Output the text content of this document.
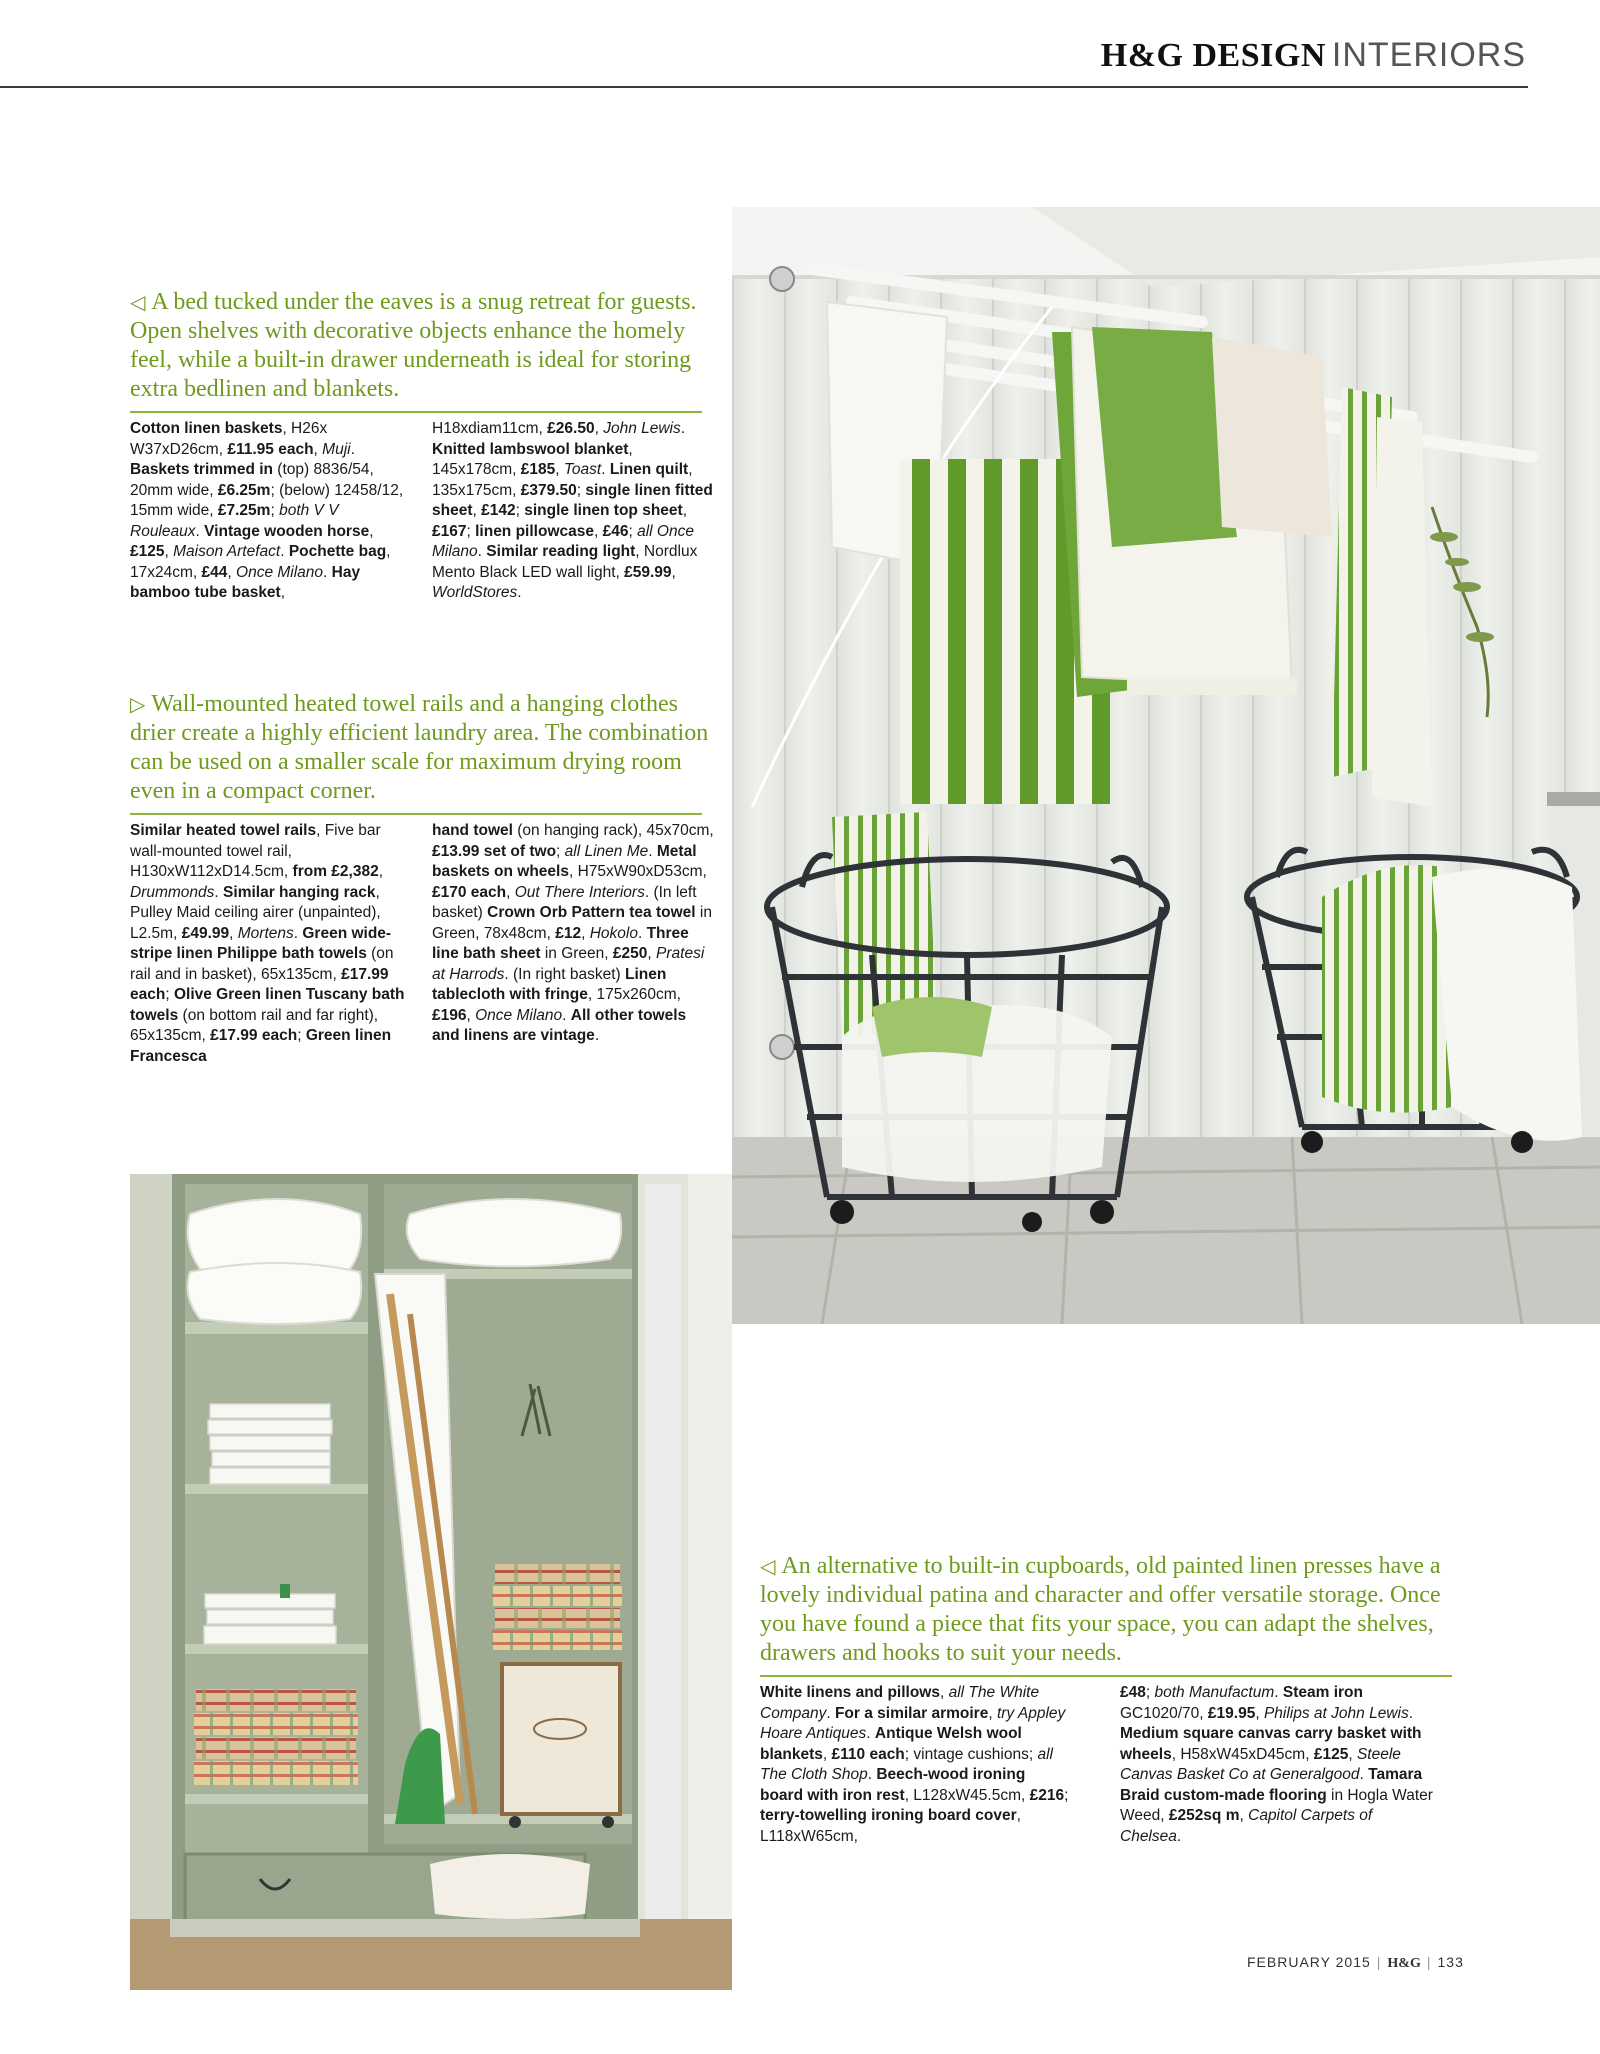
H&G DESIGN INTERIORS
◁ A bed tucked under the eaves is a snug retreat for guests. Open shelves with decorative objects enhance the homely feel, while a built-in drawer underneath is ideal for storing extra bedlinen and blankets.
Cotton linen baskets, H26x W37xD26cm, £11.95 each, Muji. Baskets trimmed in (top) 8836/54, 20mm wide, £6.25m; (below) 12458/12, 15mm wide, £7.25m; both V V Rouleaux. Vintage wooden horse, £125, Maison Artefact. Pochette bag, 17x24cm, £44, Once Milano. Hay bamboo tube basket,
H18xdiam11cm, £26.50, John Lewis. Knitted lambswool blanket, 145x178cm, £185, Toast. Linen quilt, 135x175cm, £379.50; single linen fitted sheet, £142; single linen top sheet, £167; linen pillowcase, £46; all Once Milano. Similar reading light, Nordlux Mento Black LED wall light, £59.99, WorldStores.
▷ Wall-mounted heated towel rails and a hanging clothes drier create a highly efficient laundry area. The combination can be used on a smaller scale for maximum drying room even in a compact corner.
Similar heated towel rails, Five bar wall-mounted towel rail, H130xW112xD14.5cm, from £2,382, Drummonds. Similar hanging rack, Pulley Maid ceiling airer (unpainted), L2.5m, £49.99, Mortens. Green wide-stripe linen Philippe bath towels (on rail and in basket), 65x135cm, £17.99 each; Olive Green linen Tuscany bath towels (on bottom rail and far right), 65x135cm, £17.99 each; Green linen Francesca
hand towel (on hanging rack), 45x70cm, £13.99 set of two; all Linen Me. Metal baskets on wheels, H75xW90xD53cm, £170 each, Out There Interiors. (In left basket) Crown Orb Pattern tea towel in Green, 78x48cm, £12, Hokolo. Three line bath sheet in Green, £250, Pratesi at Harrods. (In right basket) Linen tablecloth with fringe, 175x260cm, £196, Once Milano. All other towels and linens are vintage.
◁ An alternative to built-in cupboards, old painted linen presses have a lovely individual patina and character and offer versatile storage. Once you have found a piece that fits your space, you can adapt the shelves, drawers and hooks to suit your needs.
White linens and pillows, all The White Company. For a similar armoire, try Appley Hoare Antiques. Antique Welsh wool blankets, £110 each; vintage cushions; all The Cloth Shop. Beech-wood ironing board with iron rest, L128xW45.5cm, £216; terry-towelling ironing board cover, L118xW65cm,
£48; both Manufactum. Steam iron GC1020/70, £19.95, Philips at John Lewis. Medium square canvas carry basket with wheels, H58xW45xD45cm, £125, Steele Canvas Basket Co at Generalgood. Tamara Braid custom-made flooring in Hogla Water Weed, £252sq m, Capitol Carpets of Chelsea.
FEBRUARY 2015 | H&G | 133
